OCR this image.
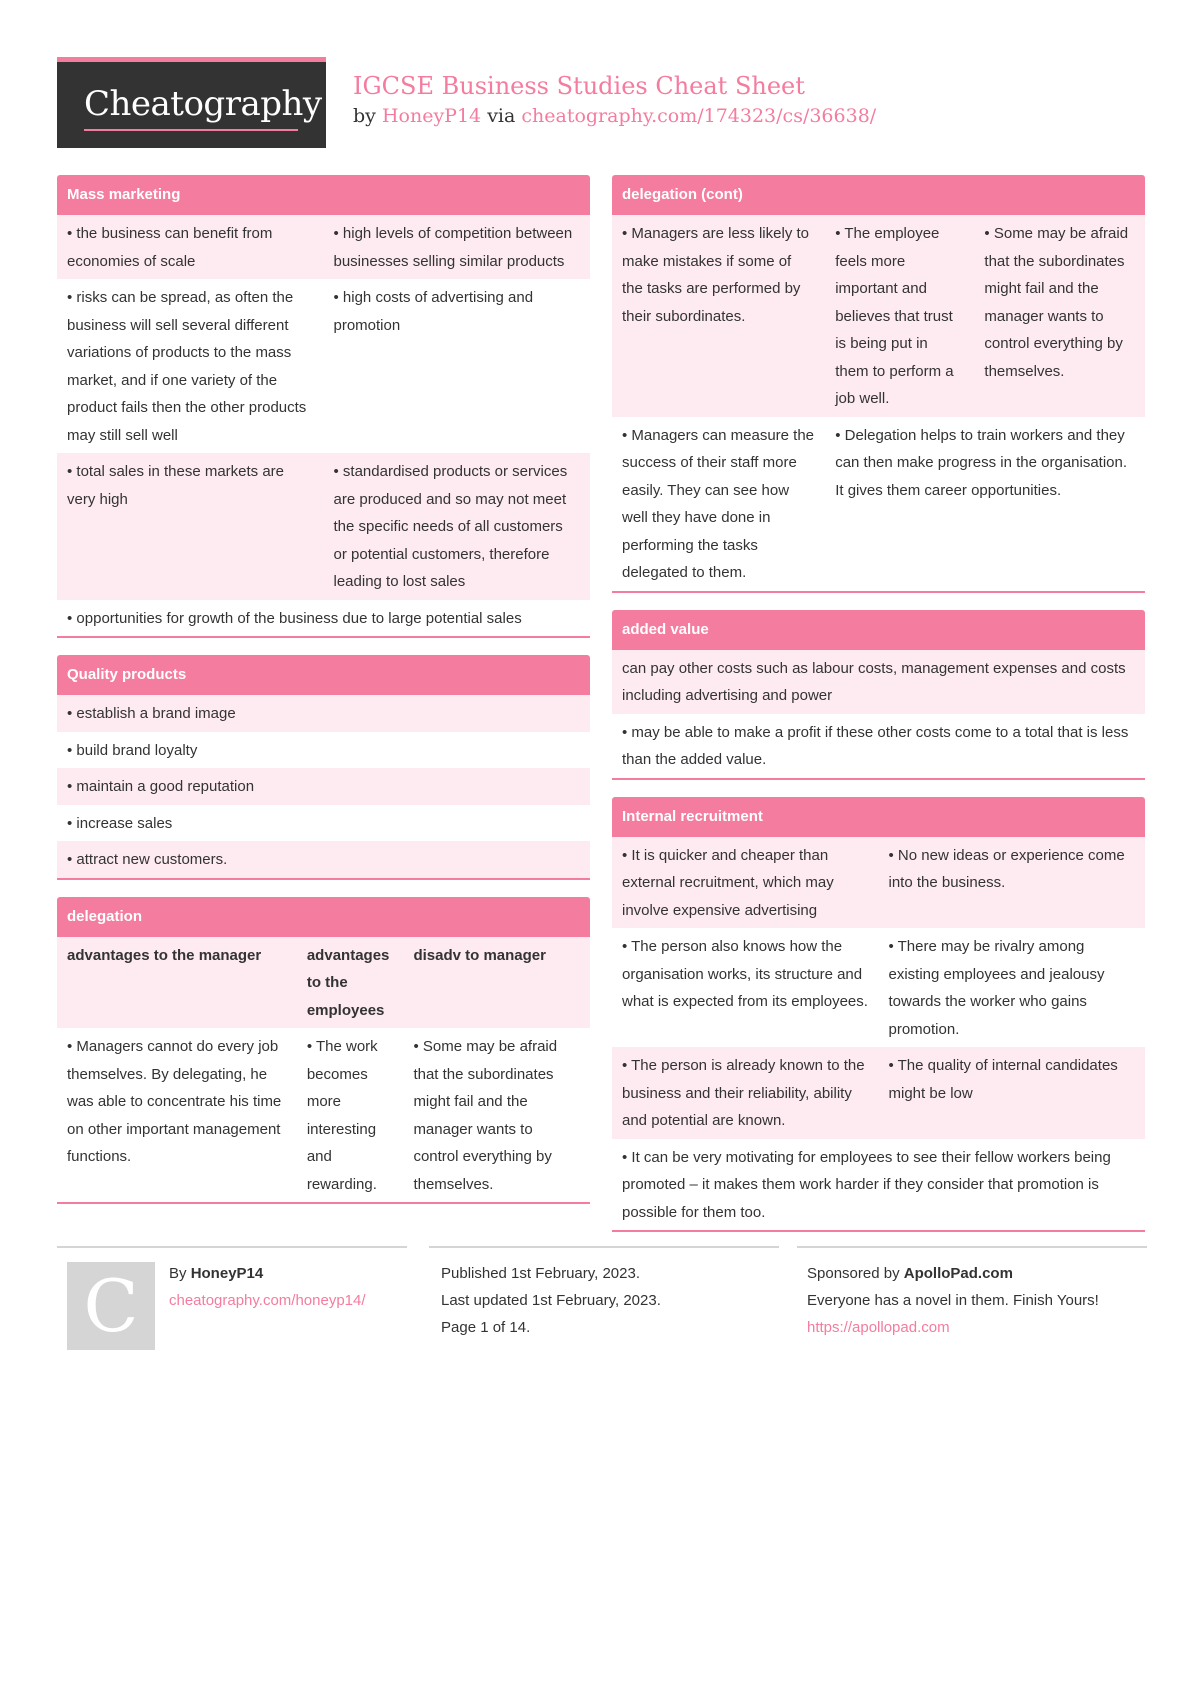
Cheatography IGCSE Business Studies Cheat Sheet
by HoneyP14 via cheatography.com/174323/cs/36638/
Mass marketing
• the business can benefit from economies of scale
• high levels of competition between businesses selling similar products
• risks can be spread, as often the business will sell several different variations of products to the mass market, and if one variety of the product fails then the other products may still sell well
• high costs of advertising and promotion
• total sales in these markets are very high
• standardised products or services are produced and so may not meet the specific needs of all customers or potential customers, therefore leading to lost sales
• opportunities for growth of the business due to large potential sales
Quality products
• establish a brand image
• build brand loyalty
• maintain a good reputation
• increase sales
• attract new customers.
delegation
advantages to the manager	advantages to the employees
disadv to manager
• Managers cannot do every job themselves. By delegating, he was able to concentrate his time on other important management functions.
• The work becomes more interesting and rewarding.
• Some may be afraid that the subordinates might fail and the manager wants to control everything by themselves.
delegation (cont)
• Managers are less likely to make mistakes if some of the tasks are performed by their subordinates.
• The employee feels more important and believes that trust is being put in them to perform a job well.
• Some may be afraid that the subordinates might fail and the manager wants to control everything by themselves.
• Managers can measure the success of their staff more easily. They can see how well they have done in performing the tasks delegated to them.
• Delegation helps to train workers and they can then make progress in the organisation. It gives them career opportunities.
added value
can pay other costs such as labour costs, management expenses and costs including advertising and power
• may be able to make a profit if these other costs come to a total that is less than the added value.
Internal recruitment
• It is quicker and cheaper than external recruitment, which may involve expensive advertising
• No new ideas or experience come into the business.
• The person also knows how the organisation works, its structure and what is expected from its employees.
• There may be rivalry among existing employees and jealousy towards the worker who gains promotion.
• The person is already known to the business and their reliability, ability and potential are known.
• The quality of internal candidates might be low
• It can be very motivating for employees to see their fellow workers being promoted – it makes them work harder if they consider that promotion is possible for them too.
C	By HoneyP14
cheatography.com/honeyp14/
Published 1st February, 2023.
Last updated 1st February, 2023.
Page 1 of 14.
Sponsored by ApolloPad.com
Everyone has a novel in them. Finish Yours!
https://apollopad.com
